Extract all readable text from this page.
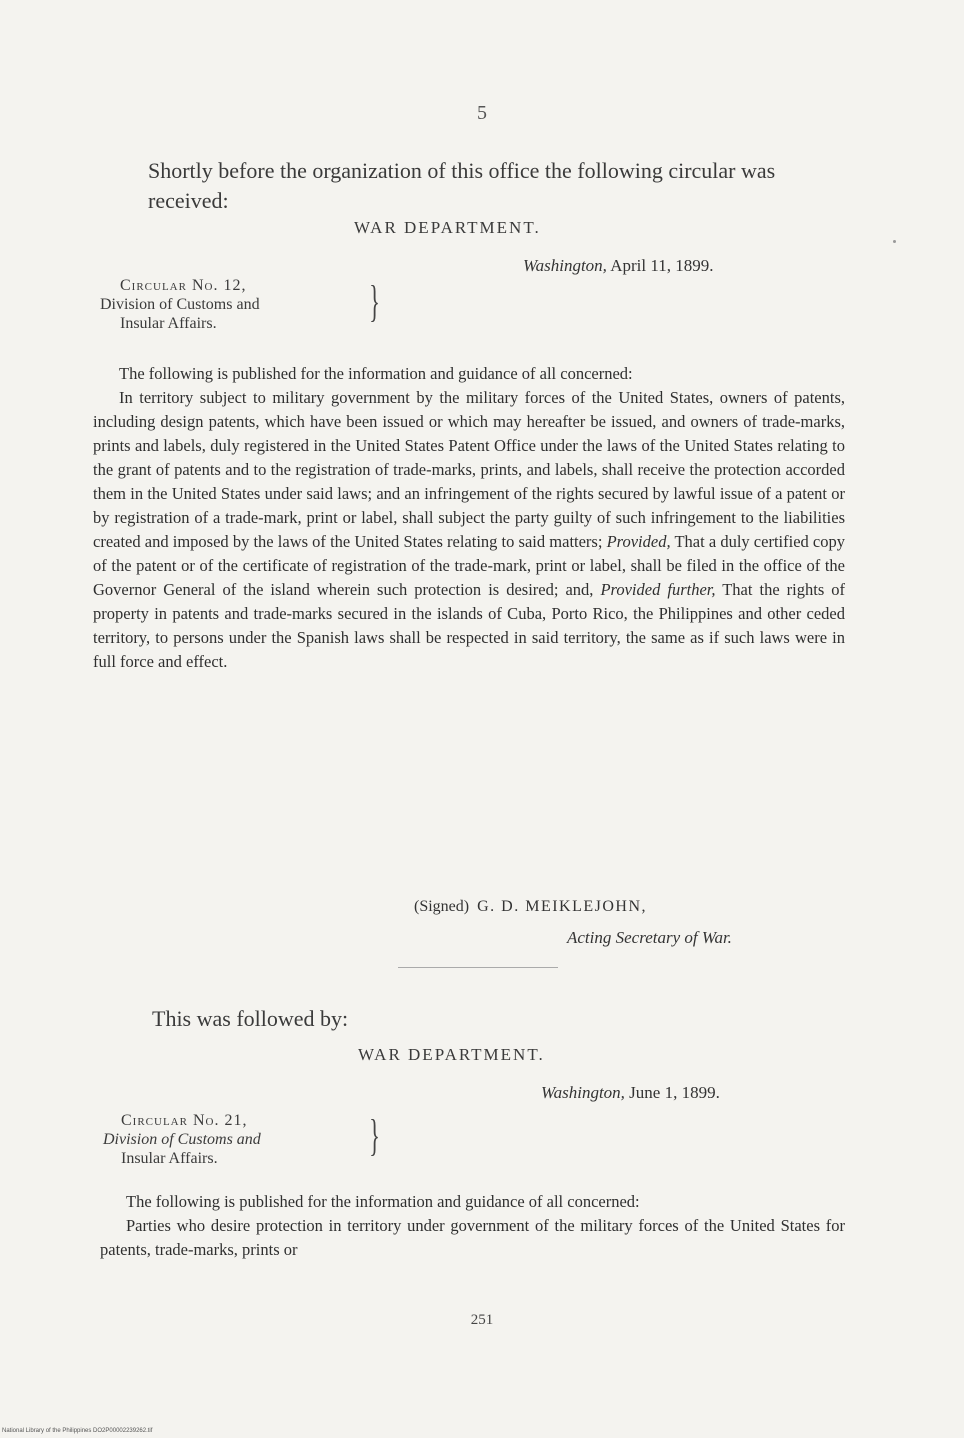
5
Shortly before the organization of this office the following circular was received:
WAR DEPARTMENT.
Washington, April 11, 1899.
Circular No. 12,
Division of Customs and
Insular Affairs.	}

The following is published for the information and guidance of all concerned:

In territory subject to military government by the military forces of the United States, owners of patents, including design patents, which have been issued or which may hereafter be issued, and owners of trade-marks, prints and labels, duly registered in the United States Patent Office under the laws of the United States relating to the grant of patents and to the registration of trade-marks, prints, and labels, shall receive the protection accorded them in the United States under said laws; and an infringement of the rights secured by lawful issue of a patent or by registration of a trade-mark, print or label, shall subject the party guilty of such infringement to the liabilities created and imposed by the laws of the United States relating to said matters; Provided, That a duly certified copy of the patent or of the certificate of registration of the trade-mark, print or label, shall be filed in the office of the Governor General of the island wherein such protection is desired; and, Provided further, That the rights of property in patents and trade-marks secured in the islands of Cuba, Porto Rico, the Philippines and other ceded territory, to persons under the Spanish laws shall be respected in said territory, the same as if such laws were in full force and effect.

(Signed) G. D. MEIKLEJOHN,
Acting Secretary of War.
This was followed by:
WAR DEPARTMENT.
Washington, June 1, 1899.
Circular No. 21,
Division of Customs and
Insular Affairs.	}

The following is published for the information and guidance of all concerned:

Parties who desire protection in territory under government of the military forces of the United States for patents, trade-marks, prints or

251
National Library of the Philippines DO2P00002239262.tif
